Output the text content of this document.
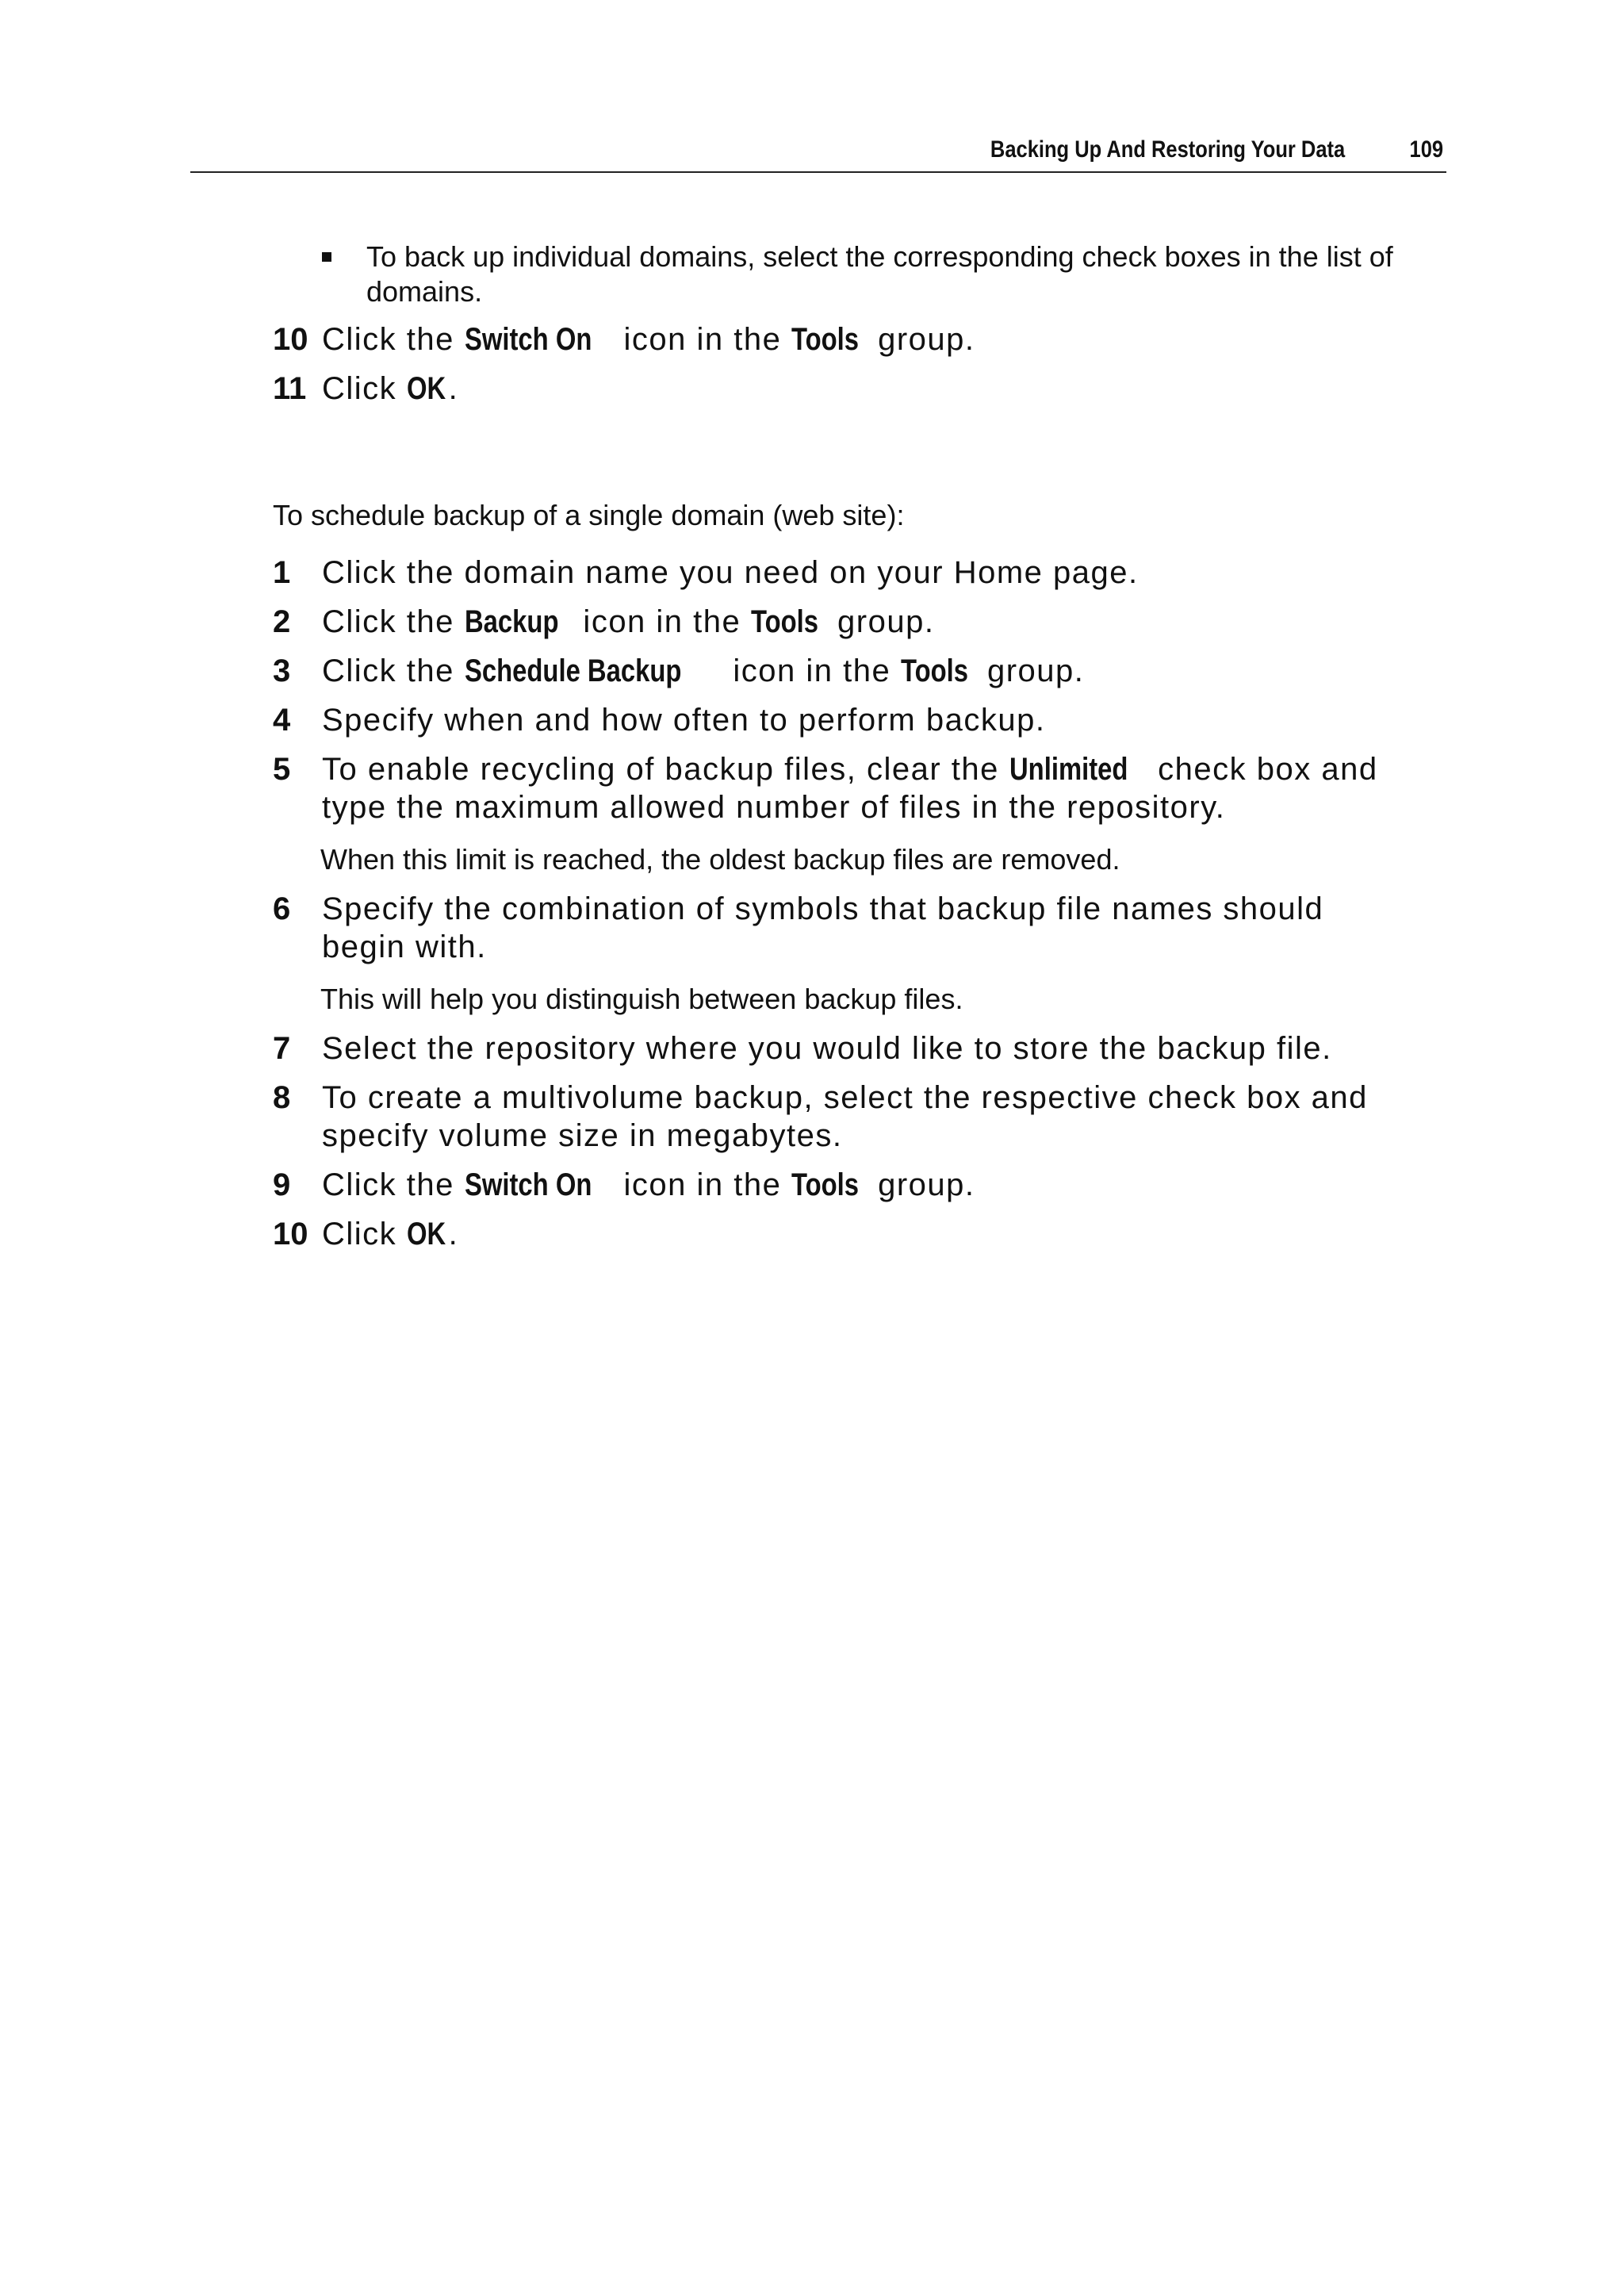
Backing Up And Restoring Your Data	109
To back up individual domains, select the corresponding check boxes in the list of domains.
10 Click the Switch On icon in the Tools group.
11 Click OK.
To schedule backup of a single domain (web site):
1 Click the domain name you need on your Home page.
2 Click the Backup icon in the Tools group.
3 Click the Schedule Backup icon in the Tools group.
4 Specify when and how often to perform backup.
5 To enable recycling of backup files, clear the Unlimited check box and
type the maximum allowed number of files in the repository.
When this limit is reached, the oldest backup files are removed.
6 Specify the combination of symbols that backup file names should
begin with.
This will help you distinguish between backup files.
7 Select the repository where you would like to store the backup file.
8 To create a multivolume backup, select the respective check box and
specify volume size in megabytes.
9 Click the Switch On icon in the Tools group.
10 Click OK.
